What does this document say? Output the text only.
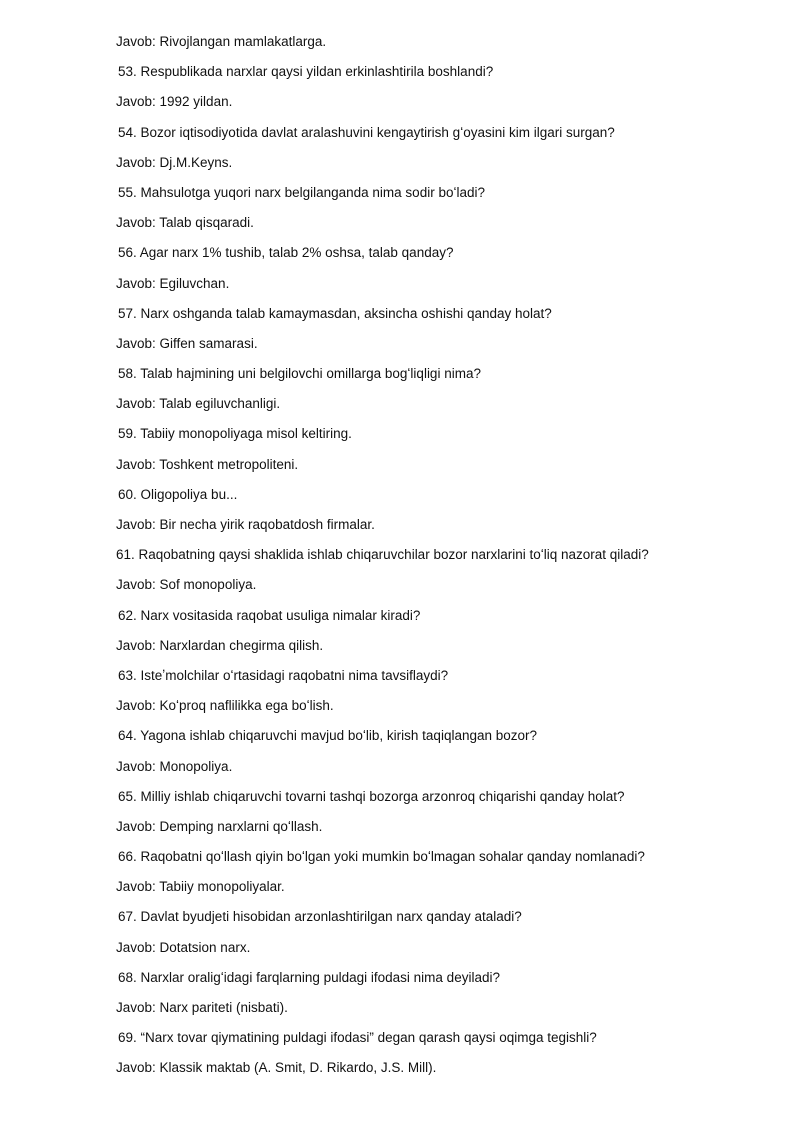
Javob: Rivojlangan mamlakatlarga.
53. Respublikada narxlar qaysi yildan erkinlashtirila boshlandi?
Javob: 1992 yildan.
54. Bozor iqtisodiyotida davlat aralashuvini kengaytirish gʻoyasini kim ilgari surgan?
Javob: Dj.M.Keyns.
55. Mahsulotga yuqori narx belgilanganda nima sodir boʻladi?
Javob: Talab qisqaradi.
56. Agar narx 1% tushib, talab 2% oshsa, talab qanday?
Javob: Egiluvchan.
57. Narx oshganda talab kamaymasdan, aksincha oshishi qanday holat?
Javob: Giffen samarasi.
58. Talab hajmining uni belgilovchi omillarga bogʻliqligi nima?
Javob: Talab egiluvchanligi.
59. Tabiiy monopoliyaga misol keltiring.
Javob: Toshkent metropoliteni.
60. Oligopoliya bu...
Javob: Bir necha yirik raqobatdosh firmalar.
61. Raqobatning qaysi shaklida ishlab chiqaruvchilar bozor narxlarini toʻliq nazorat qiladi?
Javob: Sof monopoliya.
62. Narx vositasida raqobat usuliga nimalar kiradi?
Javob: Narxlardan chegirma qilish.
63. Isteʼmolchilar oʻrtasidagi raqobatni nima tavsiflaydi?
Javob: Koʻproq naflilikka ega boʻlish.
64. Yagona ishlab chiqaruvchi mavjud boʻlib, kirish taqiqlangan bozor?
Javob: Monopoliya.
65. Milliy ishlab chiqaruvchi tovarni tashqi bozorga arzonroq chiqarishi qanday holat?
Javob: Demping narxlarni qoʻllash.
66. Raqobatni qoʻllash qiyin boʻlgan yoki mumkin boʻlmagan sohalar qanday nomlanadi?
Javob: Tabiiy monopoliyalar.
67. Davlat byudjeti hisobidan arzonlashtirilgan narx qanday ataladi?
Javob: Dotatsion narx.
68. Narxlar oraligʻidagi farqlarning puldagi ifodasi nima deyiladi?
Javob: Narx pariteti (nisbati).
69. “Narx tovar qiymatining puldagi ifodasi” degan qarash qaysi oqimga tegishli?
Javob: Klassik maktab (A. Smit, D. Rikardo, J.S. Mill).
